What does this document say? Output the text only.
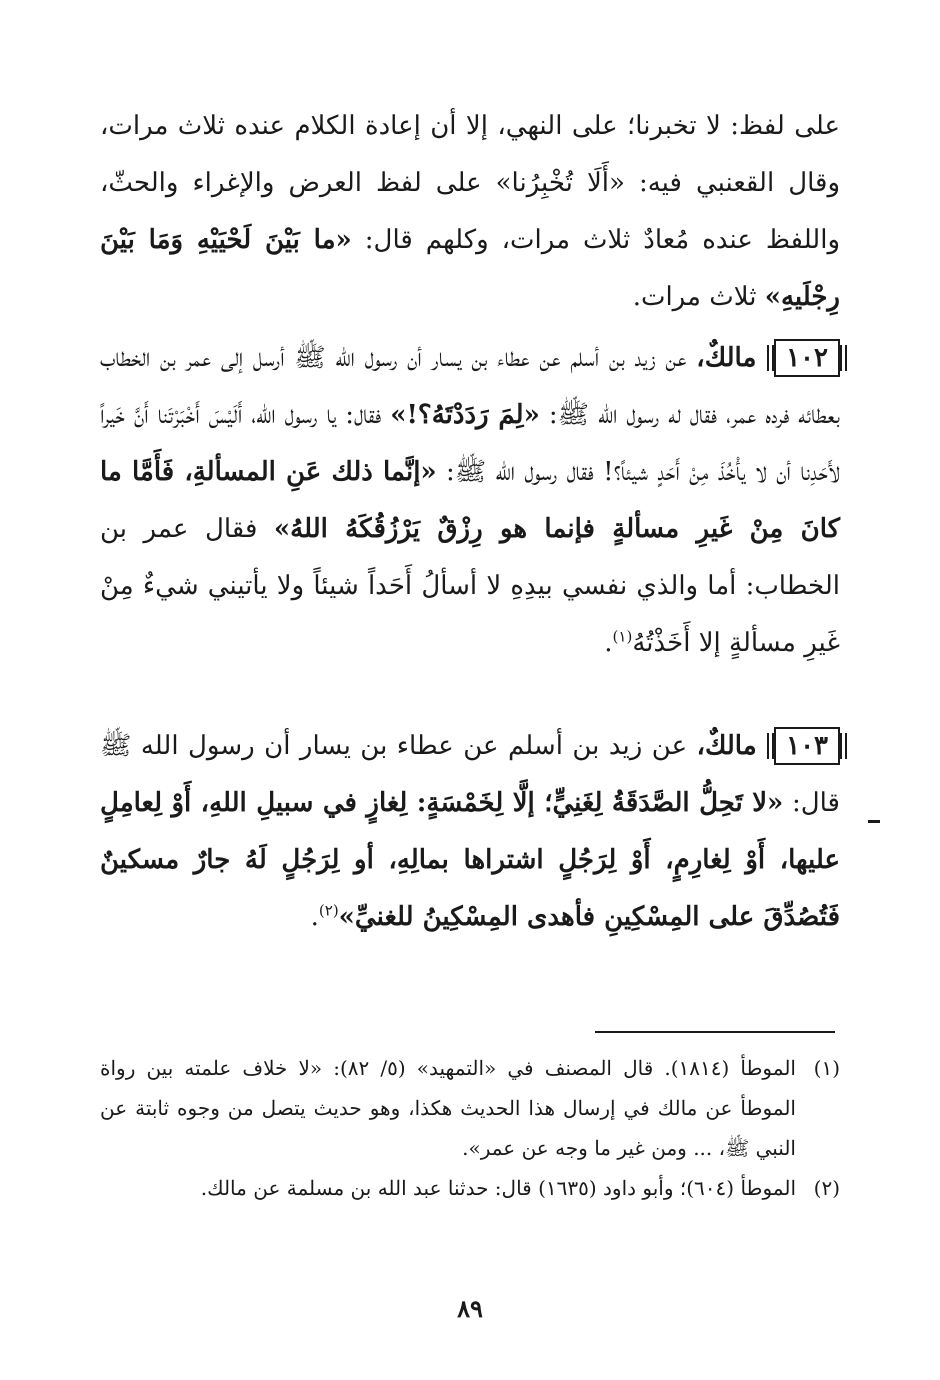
على لفظ: لا تخبرنا؛ على النهي، إلا أن إعادة الكلام عنده ثلاث مرات، وقال القعنبي فيه: «أَلَا تُخْبِرُنا» على لفظ العرض والإغراء والحثّ، واللفظ عنده مُعادٌ ثلاث مرات، وكلهم قال: «ما بَيْنَ لَحْيَيْهِ وَمَا بَيْنَ رِجْلَيهِ» ثلاث مرات.

١٠٢ مالكٌ، عن زيد بن أسلم عن عطاء بن يسار أن رسول الله ﷺ أرسل إلى عمر بن الخطاب بعطائه فرده عمر، فقال له رسول الله ﷺ: «لِمَ رَدَدْتَهُ؟!» فقال: يا رسول الله، أَلَيْسَ أَخْبَرْتَنا أَنَّ خَيراً لأَحَدِنا أن لا يأْخُذَ مِنْ أَحَدٍ شيئاً؟! فقال رسول الله ﷺ: «إنَّما ذلك عَنِ المسألةِ، فَأَمَّا ما كانَ مِنْ غَيرِ مسألةٍ فإنما هو رِزْقٌ يَرْزُقُكَهُ اللهُ» فقال عمر بن الخطاب: أما والذي نفسي بيدِهِ لا أسألُ أَحَداً شيئاً ولا يأتيني شيءٌ مِنْ غَيرِ مسألةٍ إلا أَخَذْتُهُ$^{(١)}$.

١٠٣ مالكٌ، عن زيد بن أسلم عن عطاء بن يسار أن رسول الله ﷺ قال: «لا تَحِلُّ الصَّدَقَةُ لِغَنِيٍّ؛ إلَّا لِخَمْسَةٍ: لِغازٍ في سبيلِ اللهِ، أَوْ لِعامِلٍ عليها، أَوْ لِغارِمٍ، أَوْ لِرَجُلٍ اشتراها بمالِهِ، أو لِرَجُلٍ لَهُ جارٌ مسكينٌ فَتُصُدِّقَ على المِسْكِينِ فأهدى المِسْكِينُ للغنيِّ»$^{(٢)}$.

(١)
الموطأ (١٨١٤). قال المصنف في «التمهيد» (٥/ ٨٢): «لا خلاف علمته بين رواة الموطأ عن مالك في إرسال هذا الحديث هكذا، وهو حديث يتصل من وجوه ثابتة عن النبي ﷺ، ... ومن غير ما وجه عن عمر».
(٢)
الموطأ (٦٠٤)؛ وأبو داود (١٦٣٥) قال: حدثنا عبد الله بن مسلمة عن مالك.
٨٩
